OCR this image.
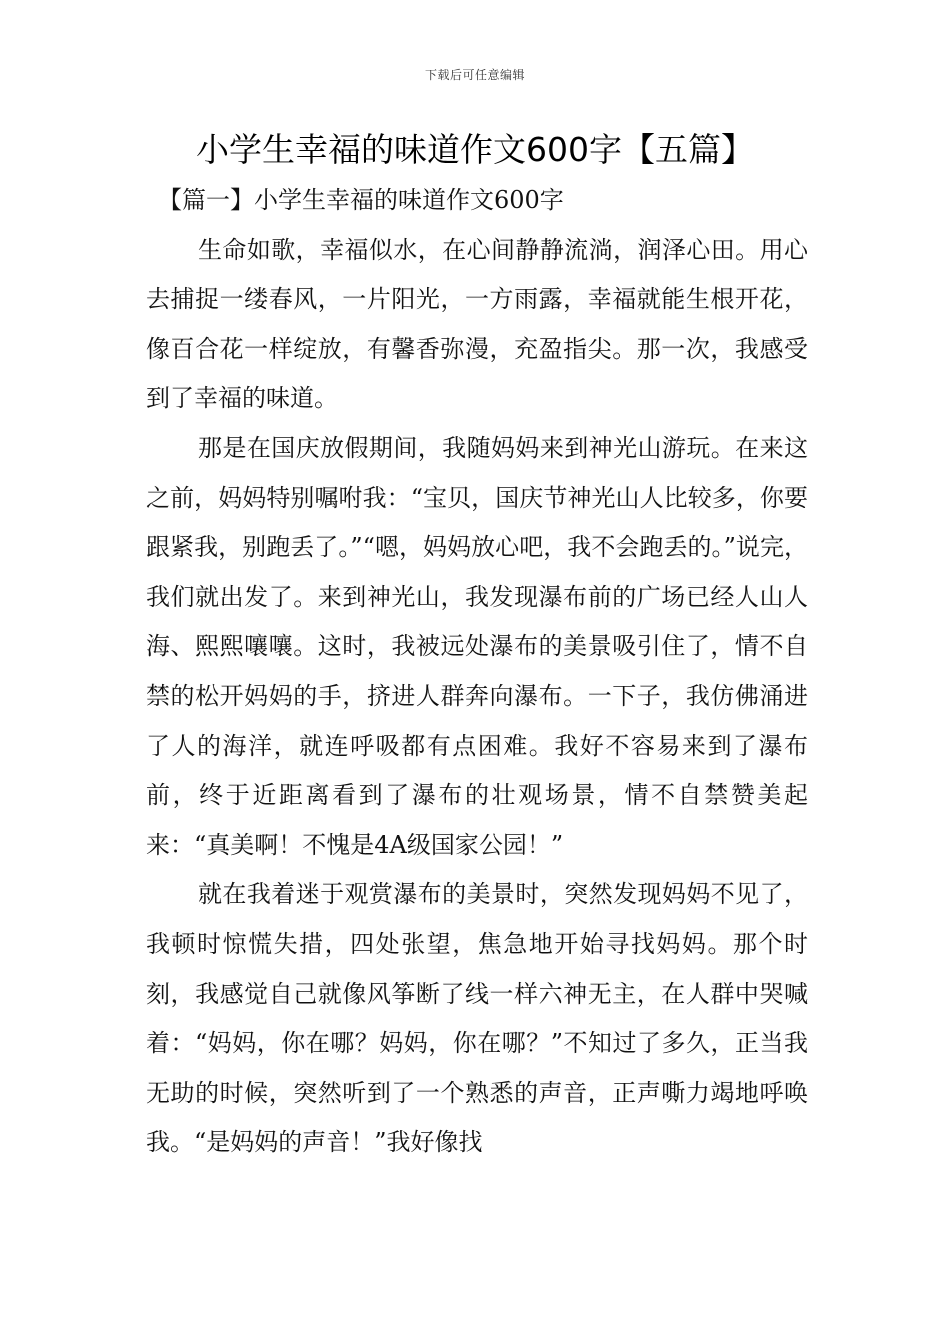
下载后可任意编辑
小学生幸福的味道作文600字【五篇】

【篇一】小学生幸福的味道作文600字

生命如歌，幸福似水，在心间静静流淌，润泽心田。用心去捕捉一缕春风，一片阳光，一方雨露，幸福就能生根开花，像百合花一样绽放，有馨香弥漫，充盈指尖。那一次，我感受到了幸福的味道。

那是在国庆放假期间，我随妈妈来到神光山游玩。在来这之前，妈妈特别嘱咐我：“宝贝，国庆节神光山人比较多，你要跟紧我，别跑丢了。”“嗯，妈妈放心吧，我不会跑丢的。”说完，我们就出发了。来到神光山，我发现瀑布前的广场已经人山人海、熙熙嚷嚷。这时，我被远处瀑布的美景吸引住了，情不自禁的松开妈妈的手，挤进人群奔向瀑布。一下子，我仿佛涌进了人的海洋，就连呼吸都有点困难。我好不容易来到了瀑布前，终于近距离看到了瀑布的壮观场景，情不自禁赞美起来：“真美啊！不愧是4A级国家公园！”

就在我着迷于观赏瀑布的美景时，突然发现妈妈不见了，我顿时惊慌失措，四处张望，焦急地开始寻找妈妈。那个时刻，我感觉自己就像风筝断了线一样六神无主，在人群中哭喊着：“妈妈，你在哪？妈妈，你在哪？”不知过了多久，正当我无助的时候，突然听到了一个熟悉的声音，正声嘶力竭地呼唤我。“是妈妈的声音！”我好像找
